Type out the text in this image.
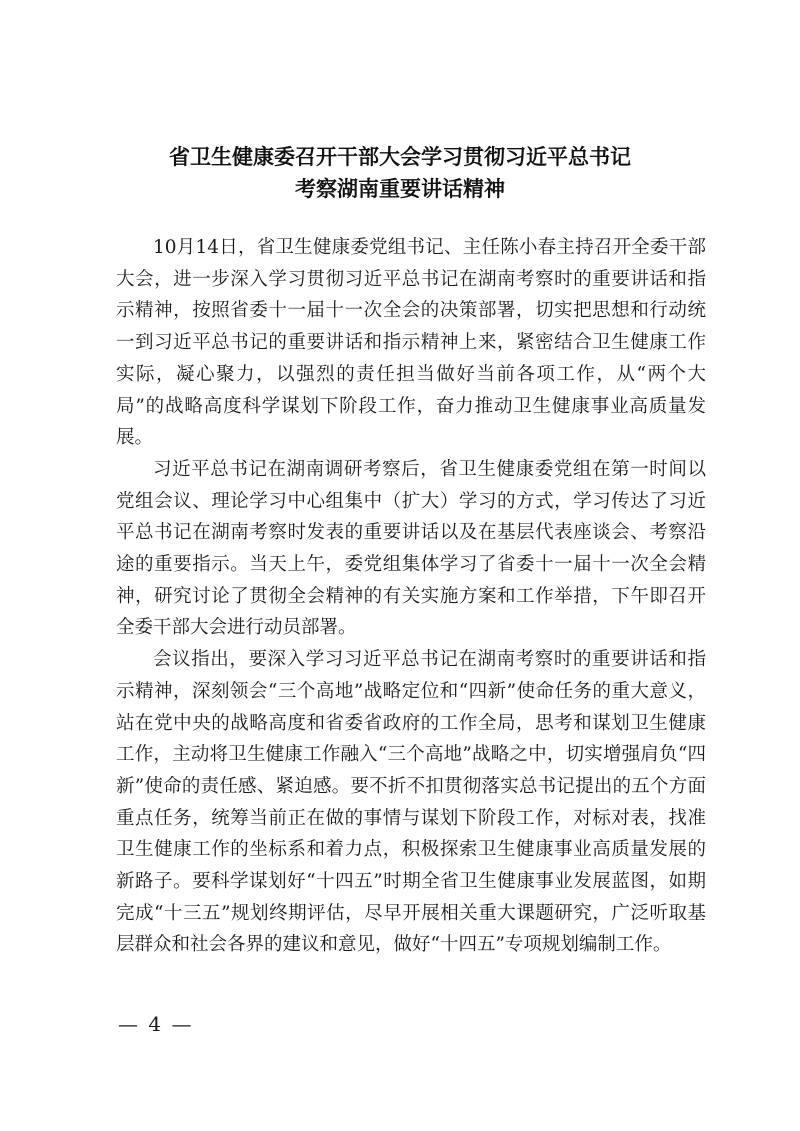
省卫生健康委召开干部大会学习贯彻习近平总书记
考察湖南重要讲话精神

10月14日，省卫生健康委党组书记、主任陈小春主持召开全委干部大会，进一步深入学习贯彻习近平总书记在湖南考察时的重要讲话和指示精神，按照省委十一届十一次全会的决策部署，切实把思想和行动统一到习近平总书记的重要讲话和指示精神上来，紧密结合卫生健康工作实际，凝心聚力，以强烈的责任担当做好当前各项工作，从“两个大局”的战略高度科学谋划下阶段工作，奋力推动卫生健康事业高质量发展。

习近平总书记在湖南调研考察后，省卫生健康委党组在第一时间以党组会议、理论学习中心组集中（扩大）学习的方式，学习传达了习近平总书记在湖南考察时发表的重要讲话以及在基层代表座谈会、考察沿途的重要指示。当天上午，委党组集体学习了省委十一届十一次全会精神，研究讨论了贯彻全会精神的有关实施方案和工作举措，下午即召开全委干部大会进行动员部署。

会议指出，要深入学习习近平总书记在湖南考察时的重要讲话和指示精神，深刻领会“三个高地”战略定位和“四新”使命任务的重大意义，站在党中央的战略高度和省委省政府的工作全局，思考和谋划卫生健康工作，主动将卫生健康工作融入“三个高地”战略之中，切实增强肩负“四新”使命的责任感、紧迫感。要不折不扣贯彻落实总书记提出的五个方面重点任务，统筹当前正在做的事情与谋划下阶段工作，对标对表，找准卫生健康工作的坐标系和着力点，积极探索卫生健康事业高质量发展的新路子。要科学谋划好“十四五”时期全省卫生健康事业发展蓝图，如期完成“十三五”规划终期评估，尽早开展相关重大课题研究，广泛听取基层群众和社会各界的建议和意见，做好“十四五”专项规划编制工作。

— 4 —
